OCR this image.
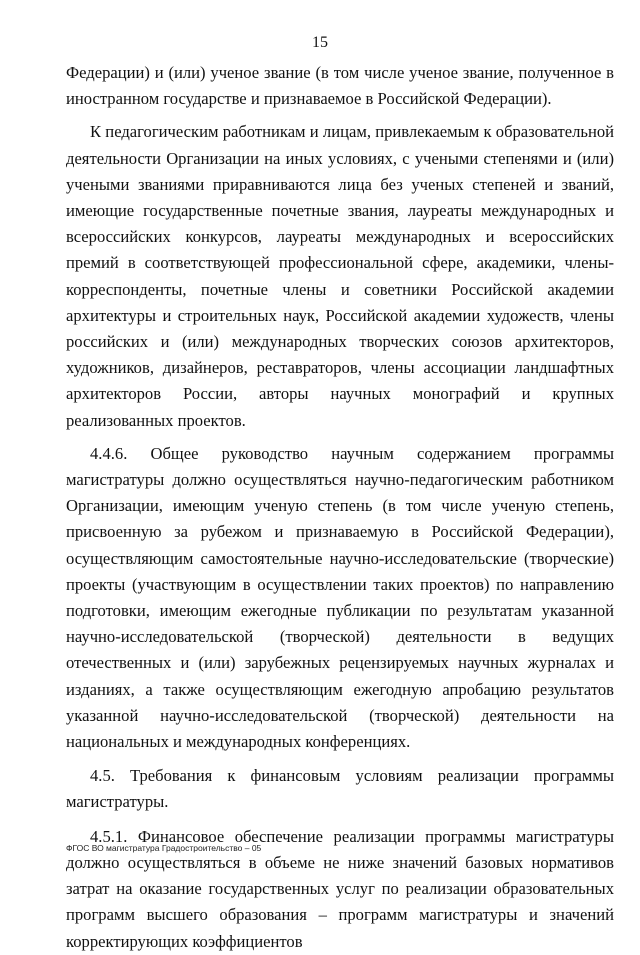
15

Федерации) и (или) ученое звание (в том числе ученое звание, полученное в иностранном государстве и признаваемое в Российской Федерации).

К педагогическим работникам и лицам, привлекаемым к образовательной деятельности Организации на иных условиях, с учеными степенями и (или) учеными званиями приравниваются лица без ученых степеней и званий, имеющие государственные почетные звания, лауреаты международных и всероссийских конкурсов, лауреаты международных и всероссийских премий в соответствующей профессиональной сфере, академики, члены-корреспонденты, почетные члены и советники Российской академии архитектуры и строительных наук, Российской академии художеств, члены российских и (или) международных творческих союзов архитекторов, художников, дизайнеров, реставраторов, члены ассоциации ландшафтных архитекторов России, авторы научных монографий и крупных реализованных проектов.

4.4.6. Общее руководство научным содержанием программы магистратуры должно осуществляться научно-педагогическим работником Организации, имеющим ученую степень (в том числе ученую степень, присвоенную за рубежом и признаваемую в Российской Федерации), осуществляющим самостоятельные научно-исследовательские (творческие) проекты (участвующим в осуществлении таких проектов) по направлению подготовки, имеющим ежегодные публикации по результатам указанной научно-исследовательской (творческой) деятельности в ведущих отечественных и (или) зарубежных рецензируемых научных журналах и изданиях, а также осуществляющим ежегодную апробацию результатов указанной научно-исследовательской (творческой) деятельности на национальных и международных конференциях.

4.5. Требования к финансовым условиям реализации программы магистратуры.

4.5.1. Финансовое обеспечение реализации программы магистратуры должно осуществляться в объеме не ниже значений базовых нормативов затрат на оказание государственных услуг по реализации образовательных программ высшего образования – программ магистратуры и значений корректирующих коэффициентов

ФГОС ВО магистратура Градостроительство – 05
